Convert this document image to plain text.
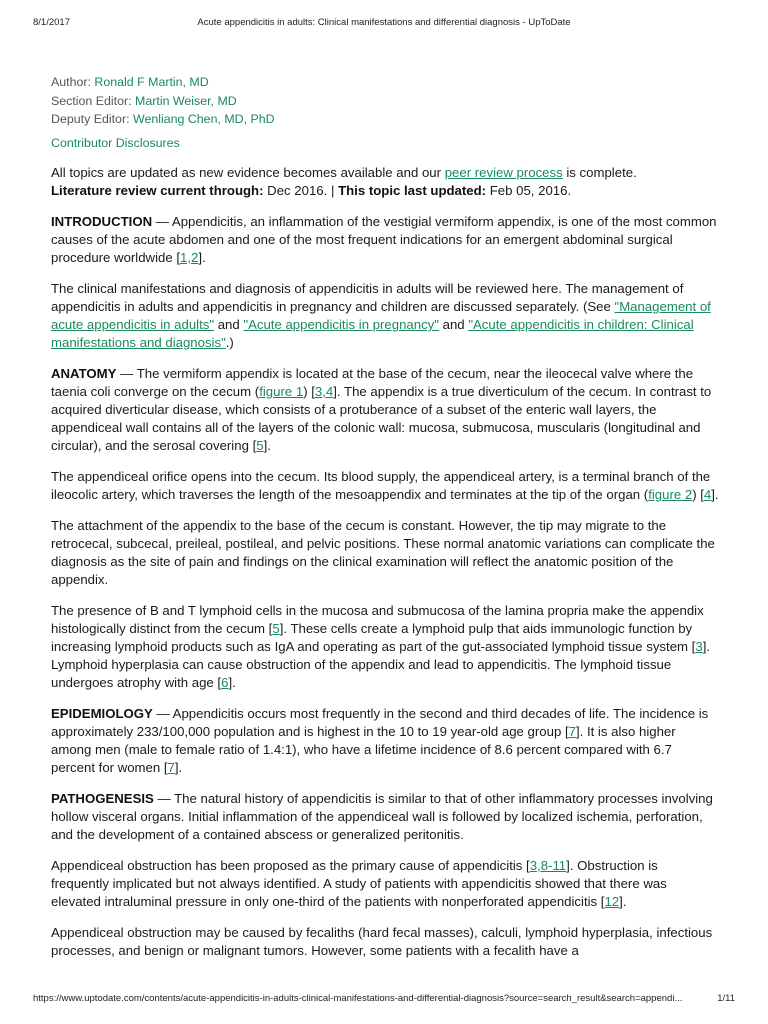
8/1/2017	Acute appendicitis in adults: Clinical manifestations and differential diagnosis - UpToDate
Author: Ronald F Martin, MD
Section Editor: Martin Weiser, MD
Deputy Editor: Wenliang Chen, MD, PhD
Contributor Disclosures

All topics are updated as new evidence becomes available and our peer review process is complete.
Literature review current through: Dec 2016. | This topic last updated: Feb 05, 2016.

INTRODUCTION — Appendicitis, an inflammation of the vestigial vermiform appendix, is one of the most common causes of the acute abdomen and one of the most frequent indications for an emergent abdominal surgical procedure worldwide [1,2].

The clinical manifestations and diagnosis of appendicitis in adults will be reviewed here. The management of appendicitis in adults and appendicitis in pregnancy and children are discussed separately. (See "Management of acute appendicitis in adults" and "Acute appendicitis in pregnancy" and "Acute appendicitis in children: Clinical manifestations and diagnosis".)

ANATOMY — The vermiform appendix is located at the base of the cecum, near the ileocecal valve where the taenia coli converge on the cecum (figure 1) [3,4]. The appendix is a true diverticulum of the cecum. In contrast to acquired diverticular disease, which consists of a protuberance of a subset of the enteric wall layers, the appendiceal wall contains all of the layers of the colonic wall: mucosa, submucosa, muscularis (longitudinal and circular), and the serosal covering [5].

The appendiceal orifice opens into the cecum. Its blood supply, the appendiceal artery, is a terminal branch of the ileocolic artery, which traverses the length of the mesoappendix and terminates at the tip of the organ (figure 2) [4].

The attachment of the appendix to the base of the cecum is constant. However, the tip may migrate to the retrocecal, subcecal, preileal, postileal, and pelvic positions. These normal anatomic variations can complicate the diagnosis as the site of pain and findings on the clinical examination will reflect the anatomic position of the appendix.

The presence of B and T lymphoid cells in the mucosa and submucosa of the lamina propria make the appendix histologically distinct from the cecum [5]. These cells create a lymphoid pulp that aids immunologic function by increasing lymphoid products such as IgA and operating as part of the gut-associated lymphoid tissue system [3]. Lymphoid hyperplasia can cause obstruction of the appendix and lead to appendicitis. The lymphoid tissue undergoes atrophy with age [6].

EPIDEMIOLOGY — Appendicitis occurs most frequently in the second and third decades of life. The incidence is approximately 233/100,000 population and is highest in the 10 to 19 year-old age group [7]. It is also higher among men (male to female ratio of 1.4:1), who have a lifetime incidence of 8.6 percent compared with 6.7 percent for women [7].

PATHOGENESIS — The natural history of appendicitis is similar to that of other inflammatory processes involving hollow visceral organs. Initial inflammation of the appendiceal wall is followed by localized ischemia, perforation, and the development of a contained abscess or generalized peritonitis.

Appendiceal obstruction has been proposed as the primary cause of appendicitis [3,8-11]. Obstruction is frequently implicated but not always identified. A study of patients with appendicitis showed that there was elevated intraluminal pressure in only one-third of the patients with nonperforated appendicitis [12].

Appendiceal obstruction may be caused by fecaliths (hard fecal masses), calculi, lymphoid hyperplasia, infectious processes, and benign or malignant tumors. However, some patients with a fecalith have a

https://www.uptodate.com/contents/acute-appendicitis-in-adults-clinical-manifestations-and-differential-diagnosis?source=search_result&search=appendi...	1/11
